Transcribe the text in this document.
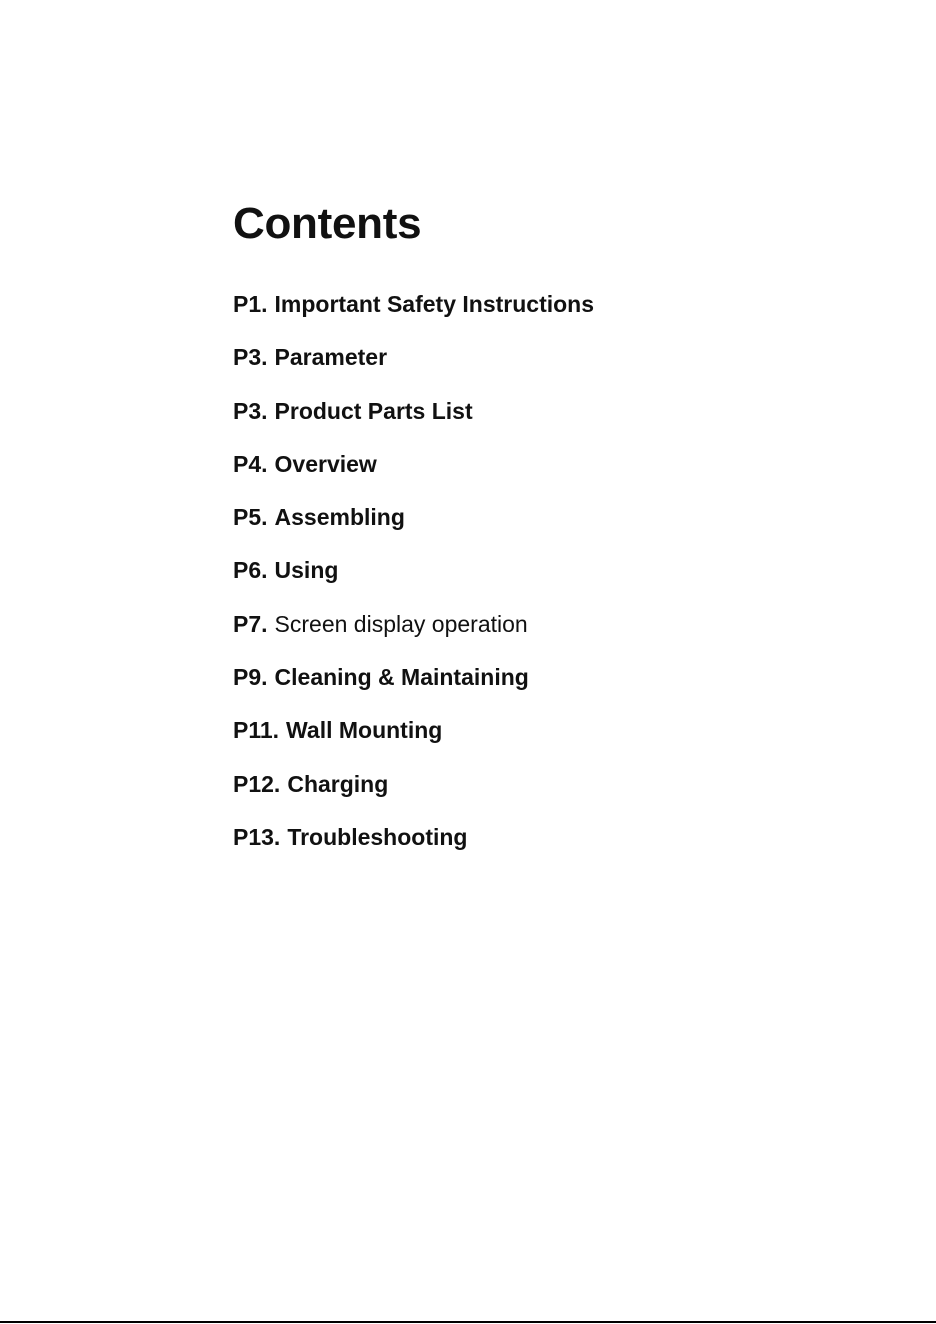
Contents
P1. Important Safety Instructions
P3. Parameter
P3. Product Parts List
P4. Overview
P5. Assembling
P6. Using
P7. Screen display operation
P9. Cleaning & Maintaining
P11. Wall Mounting
P12. Charging
P13. Troubleshooting
